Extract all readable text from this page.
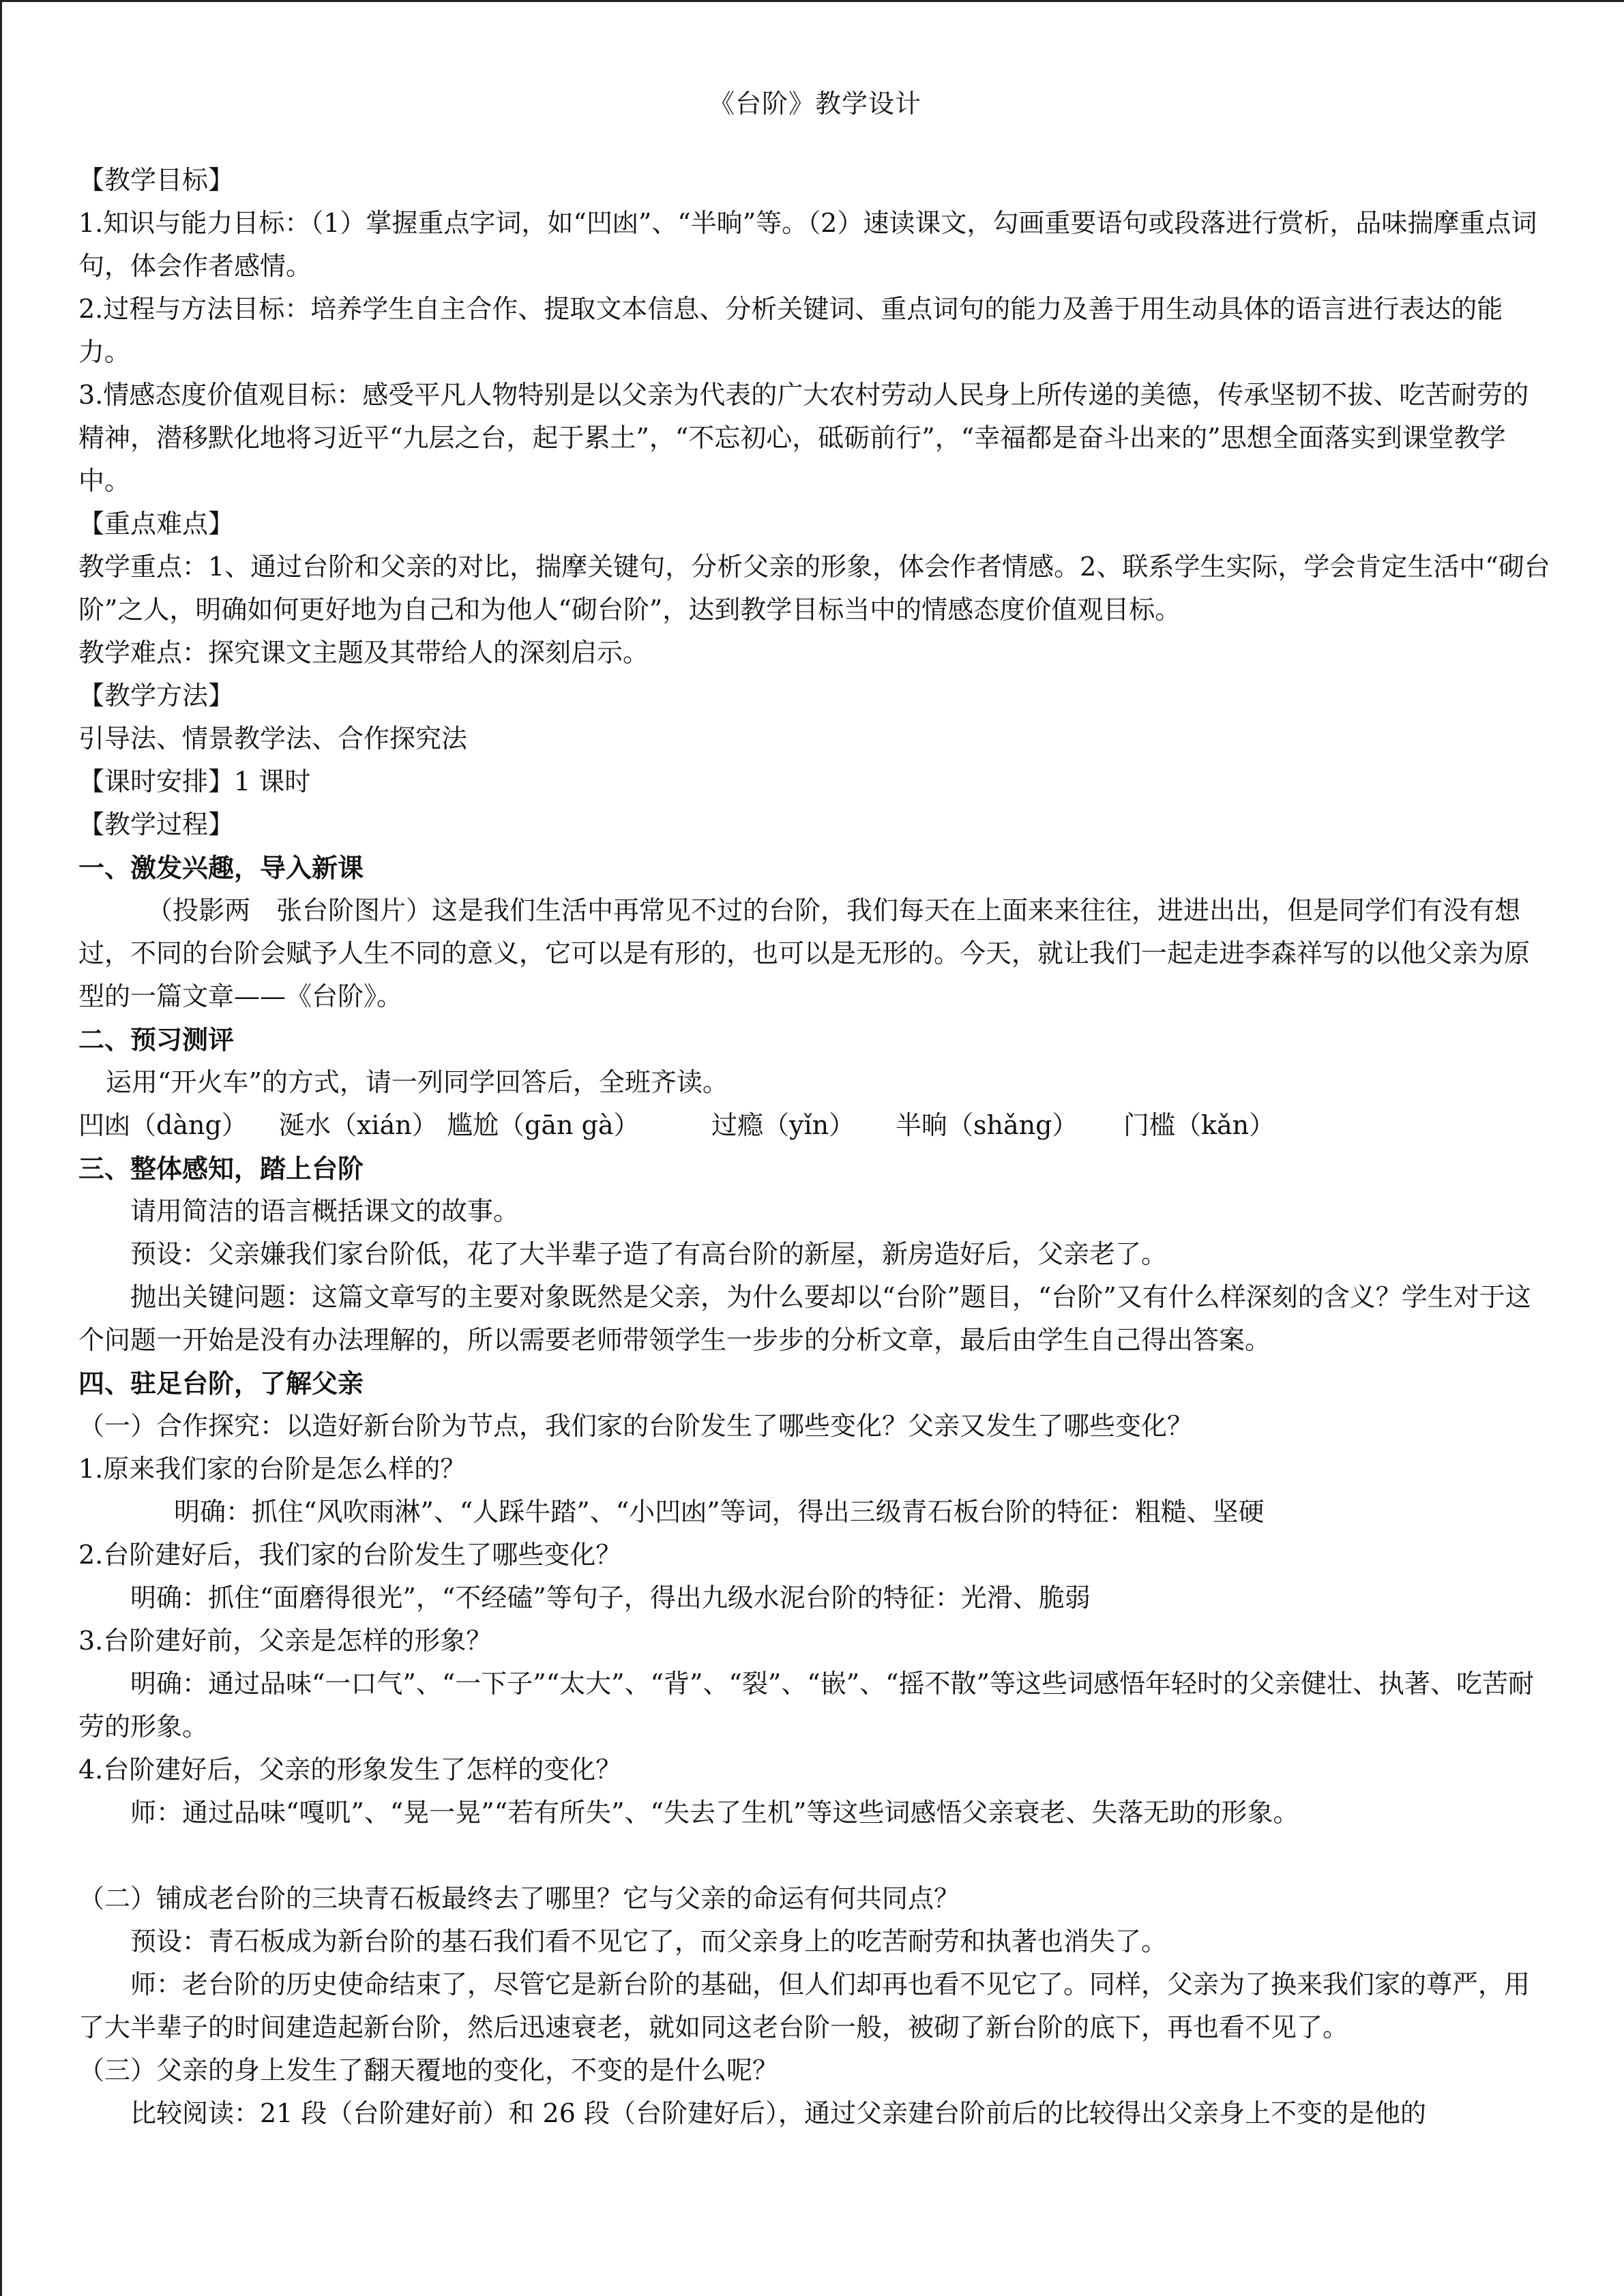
《台阶》教学设计

【教学目标】

1.知识与能力目标：（1）掌握重点字词，如“凹凼”、“半晌”等。（2）速读课文，勾画重要语句或段落进行赏析，品味揣摩重点词句，体会作者感情。

2.过程与方法目标：培养学生自主合作、提取文本信息、分析关键词、重点词句的能力及善于用生动具体的语言进行表达的能力。

3.情感态度价值观目标：感受平凡人物特别是以父亲为代表的广大农村劳动人民身上所传递的美德，传承坚韧不拔、吃苦耐劳的精神，潜移默化地将习近平“九层之台，起于累土”，“不忘初心，砥砺前行”，“幸福都是奋斗出来的”思想全面落实到课堂教学中。

【重点难点】

教学重点：1、通过台阶和父亲的对比，揣摩关键句，分析父亲的形象，体会作者情感。2、联系学生实际，学会肯定生活中“砌台阶”之人，明确如何更好地为自己和为他人“砌台阶”，达到教学目标当中的情感态度价值观目标。

教学难点：探究课文主题及其带给人的深刻启示。

【教学方法】

引导法、情景教学法、合作探究法

【课时安排】1 课时

【教学过程】

一、激发兴趣，导入新课

（投影两　张台阶图片）这是我们生活中再常见不过的台阶，我们每天在上面来来往往，进进出出，但是同学们有没有想过，不同的台阶会赋予人生不同的意义，它可以是有形的，也可以是无形的。今天，就让我们一起走进李森祥写的以他父亲为原型的一篇文章——《台阶》。

二、预习测评

运用“开火车”的方式，请一列同学回答后，全班齐读。

凹凼（dàng）	涎水（xián） 尴尬（gān gà）	过瘾（yǐn）	半晌（shǎng）	门槛（kǎn）

三、整体感知，踏上台阶

请用简洁的语言概括课文的故事。

预设：父亲嫌我们家台阶低，花了大半辈子造了有高台阶的新屋，新房造好后，父亲老了。

抛出关键问题：这篇文章写的主要对象既然是父亲，为什么要却以“台阶”题目，“台阶”又有什么样深刻的含义？学生对于这个问题一开始是没有办法理解的，所以需要老师带领学生一步步的分析文章，最后由学生自己得出答案。

四、驻足台阶，了解父亲

（一）合作探究：以造好新台阶为节点，我们家的台阶发生了哪些变化？父亲又发生了哪些变化？

1.原来我们家的台阶是怎么样的？

明确：抓住“风吹雨淋”、“人踩牛踏”、“小凹凼”等词，得出三级青石板台阶的特征：粗糙、坚硬

2.台阶建好后，我们家的台阶发生了哪些变化？

明确：抓住“面磨得很光”，“不经磕”等句子，得出九级水泥台阶的特征：光滑、脆弱

3.台阶建好前，父亲是怎样的形象？

明确：通过品味“一口气”、“一下子”“太大”、“背”、“裂”、“嵌”、“摇不散”等这些词感悟年轻时的父亲健壮、执著、吃苦耐劳的形象。

4.台阶建好后，父亲的形象发生了怎样的变化？

师：通过品味“嘎叽”、“晃一晃”“若有所失”、“失去了生机”等这些词感悟父亲衰老、失落无助的形象。

（二）铺成老台阶的三块青石板最终去了哪里？它与父亲的命运有何共同点？

预设：青石板成为新台阶的基石我们看不见它了，而父亲身上的吃苦耐劳和执著也消失了。

师：老台阶的历史使命结束了，尽管它是新台阶的基础，但人们却再也看不见它了。同样，父亲为了换来我们家的尊严，用了大半辈子的时间建造起新台阶，然后迅速衰老，就如同这老台阶一般，被砌了新台阶的底下，再也看不见了。

（三）父亲的身上发生了翻天覆地的变化，不变的是什么呢？

比较阅读：21 段（台阶建好前）和 26 段（台阶建好后），通过父亲建台阶前后的比较得出父亲身上不变的是他的
